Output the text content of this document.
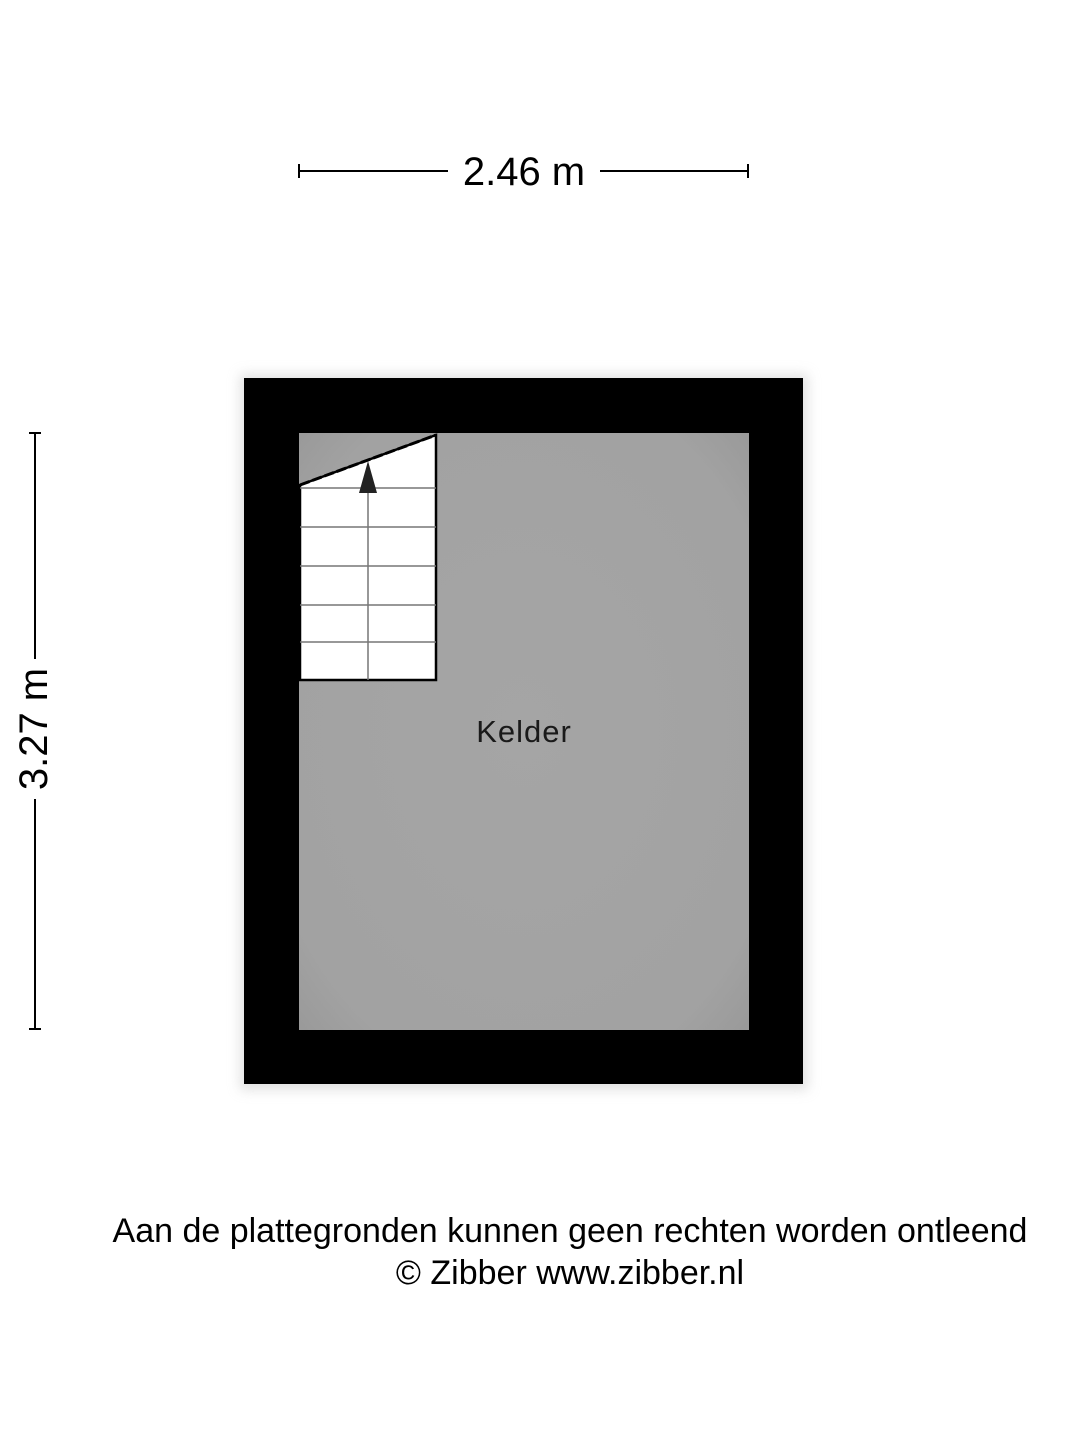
2.46 m
3.27 m	Kelder
Aan de plattegronden kunnen geen rechten worden ontleend
© Zibber www.zibber.nl
